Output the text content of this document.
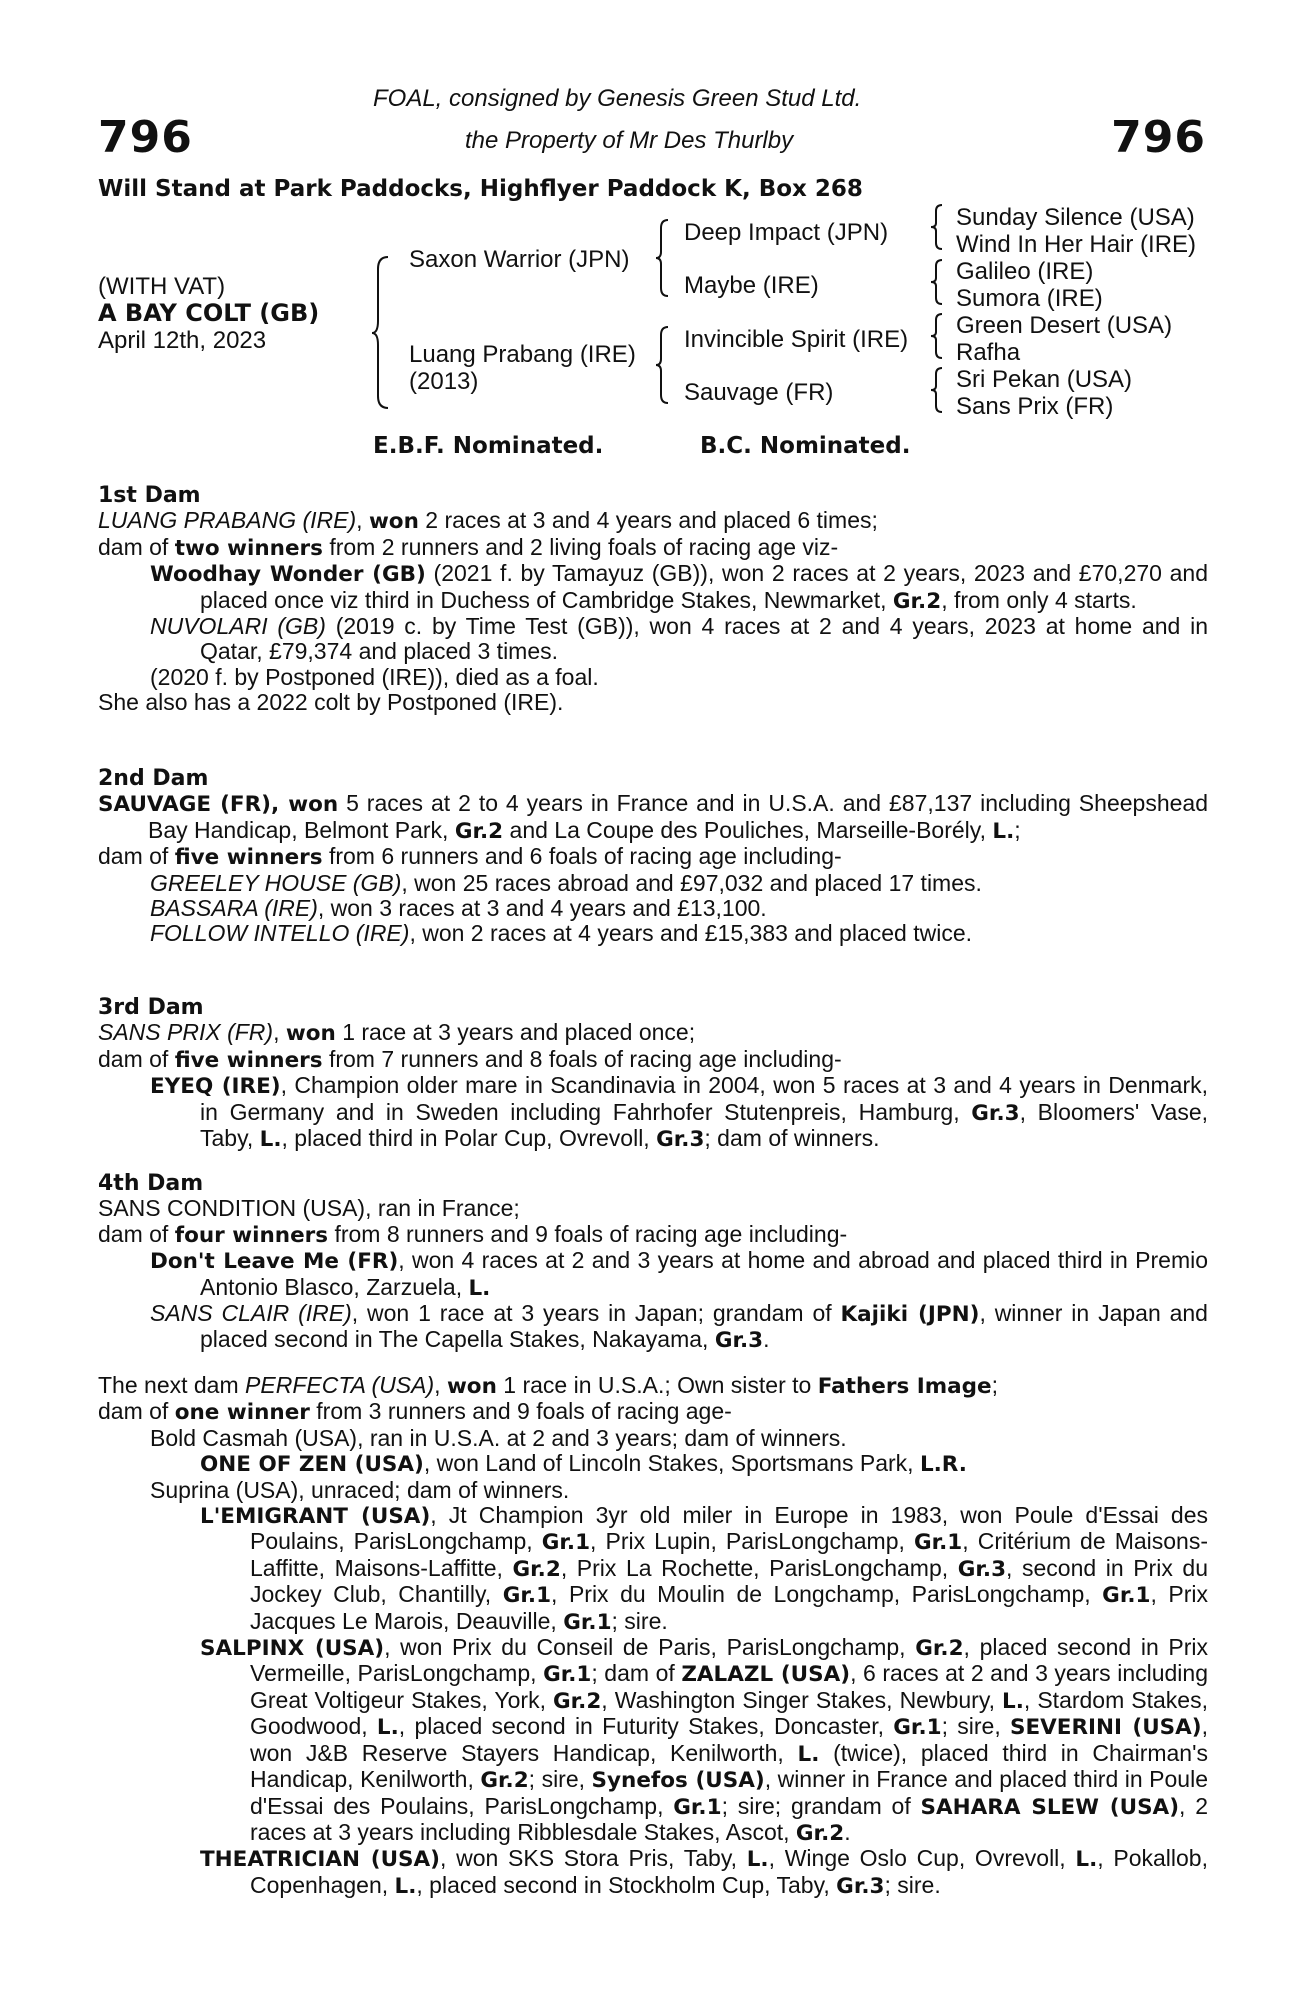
796	796
FOAL, consigned by Genesis Green Stud Ltd.
the Property of Mr Des Thurlby
Will Stand at Park Paddocks, Highflyer Paddock K, Box 268
(WITH VAT)
A BAY COLT (GB)
April 12th, 2023
Saxon Warrior (JPN)
Luang Prabang (IRE)
(2013)
Deep Impact (JPN)
Maybe (IRE)
Invincible Spirit (IRE)
Sauvage (FR)
Sunday Silence (USA)
Wind In Her Hair (IRE)
Galileo (IRE)
Sumora (IRE)
Green Desert (USA)
Rafha
Sri Pekan (USA)
Sans Prix (FR)
E.B.F. Nominated.	B.C. Nominated.

1st Dam

LUANG PRABANG (IRE), won 2 races at 3 and 4 years and placed 6 times;

dam of two winners from 2 runners and 2 living foals of racing age viz-

Woodhay Wonder (GB) (2021 f. by Tamayuz (GB)), won 2 races at 2 years, 2023 and £70,270 and placed once viz third in Duchess of Cambridge Stakes, Newmarket, Gr.2, from only 4 starts.

NUVOLARI (GB) (2019 c. by Time Test (GB)), won 4 races at 2 and 4 years, 2023 at home and in Qatar, £79,374 and placed 3 times.

(2020 f. by Postponed (IRE)), died as a foal.

She also has a 2022 colt by Postponed (IRE).

2nd Dam

SAUVAGE (FR), won 5 races at 2 to 4 years in France and in U.S.A. and £87,137 including Sheepshead Bay Handicap, Belmont Park, Gr.2 and La Coupe des Pouliches, Marseille-Borély, L.;

dam of five winners from 6 runners and 6 foals of racing age including-

GREELEY HOUSE (GB), won 25 races abroad and £97,032 and placed 17 times.

BASSARA (IRE), won 3 races at 3 and 4 years and £13,100.

FOLLOW INTELLO (IRE), won 2 races at 4 years and £15,383 and placed twice.

3rd Dam

SANS PRIX (FR), won 1 race at 3 years and placed once;

dam of five winners from 7 runners and 8 foals of racing age including-

EYEQ (IRE), Champion older mare in Scandinavia in 2004, won 5 races at 3 and 4 years in Denmark, in Germany and in Sweden including Fahrhofer Stutenpreis, Hamburg, Gr.3, Bloomers' Vase, Taby, L., placed third in Polar Cup, Ovrevoll, Gr.3; dam of winners.

4th Dam

SANS CONDITION (USA), ran in France;

dam of four winners from 8 runners and 9 foals of racing age including-

Don't Leave Me (FR), won 4 races at 2 and 3 years at home and abroad and placed third in Premio Antonio Blasco, Zarzuela, L.

SANS CLAIR (IRE), won 1 race at 3 years in Japan; grandam of Kajiki (JPN), winner in Japan and placed second in The Capella Stakes, Nakayama, Gr.3.

The next dam PERFECTA (USA), won 1 race in U.S.A.; Own sister to Fathers Image;

dam of one winner from 3 runners and 9 foals of racing age-

Bold Casmah (USA), ran in U.S.A. at 2 and 3 years; dam of winners.

ONE OF ZEN (USA), won Land of Lincoln Stakes, Sportsmans Park, L.R.

Suprina (USA), unraced; dam of winners.

L'EMIGRANT (USA), Jt Champion 3yr old miler in Europe in 1983, won Poule d'Essai des Poulains, ParisLongchamp, Gr.1, Prix Lupin, ParisLongchamp, Gr.1, Critérium de Maisons-Laffitte, Maisons-Laffitte, Gr.2, Prix La Rochette, ParisLongchamp, Gr.3, second in Prix du Jockey Club, Chantilly, Gr.1, Prix du Moulin de Longchamp, ParisLongchamp, Gr.1, Prix Jacques Le Marois, Deauville, Gr.1; sire.

SALPINX (USA), won Prix du Conseil de Paris, ParisLongchamp, Gr.2, placed second in Prix Vermeille, ParisLongchamp, Gr.1; dam of ZALAZL (USA), 6 races at 2 and 3 years including Great Voltigeur Stakes, York, Gr.2, Washington Singer Stakes, Newbury, L., Stardom Stakes, Goodwood, L., placed second in Futurity Stakes, Doncaster, Gr.1; sire, SEVERINI (USA), won J&B Reserve Stayers Handicap, Kenilworth, L. (twice), placed third in Chairman's Handicap, Kenilworth, Gr.2; sire, Synefos (USA), winner in France and placed third in Poule d'Essai des Poulains, ParisLongchamp, Gr.1; sire; grandam of SAHARA SLEW (USA), 2 races at 3 years including Ribblesdale Stakes, Ascot, Gr.2.

THEATRICIAN (USA), won SKS Stora Pris, Taby, L., Winge Oslo Cup, Ovrevoll, L., Pokallob, Copenhagen, L., placed second in Stockholm Cup, Taby, Gr.3; sire.
